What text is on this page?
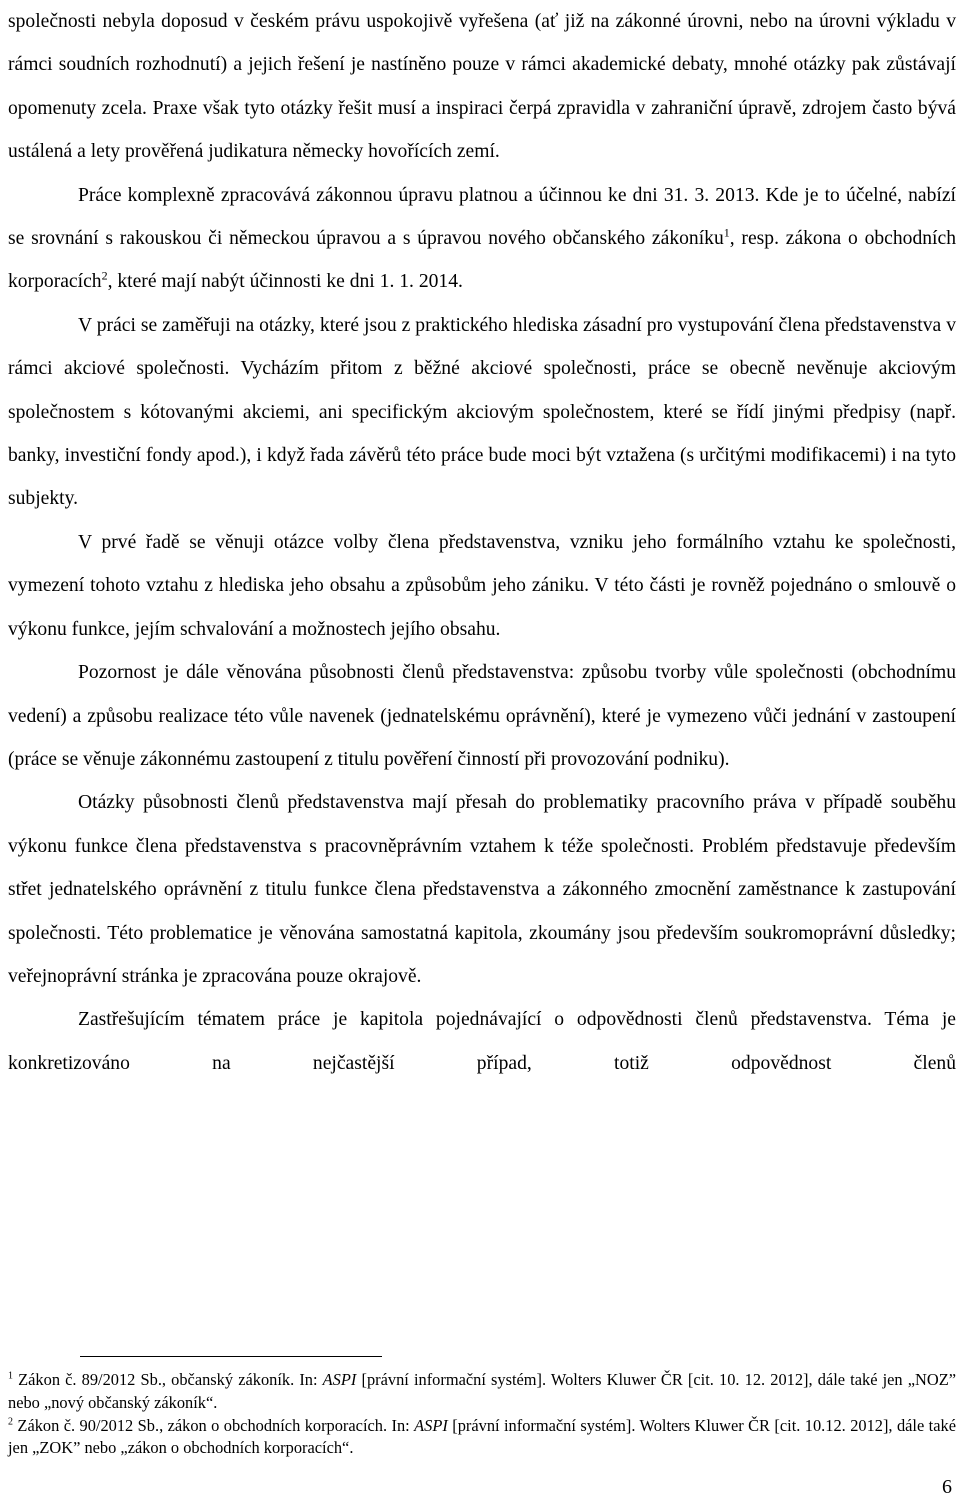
společnosti nebyla doposud v českém právu uspokojivě vyřešena (ať již na zákonné úrovni, nebo na úrovni výkladu v rámci soudních rozhodnutí) a jejich řešení je nastíněno pouze v rámci akademické debaty, mnohé otázky pak zůstávají opomenuty zcela. Praxe však tyto otázky řešit musí a inspiraci čerpá zpravidla v zahraniční úpravě, zdrojem často bývá ustálená a lety prověřená judikatura německy hovořících zemí.

Práce komplexně zpracovává zákonnou úpravu platnou a účinnou ke dni 31. 3. 2013. Kde je to účelné, nabízí se srovnání s rakouskou či německou úpravou a s úpravou nového občanského zákoníku$^1$, resp. zákona o obchodních korporacích$^2$, které mají nabýt účinnosti ke dni 1. 1. 2014.

V práci se zaměřuji na otázky, které jsou z praktického hlediska zásadní pro vystupování člena představenstva v rámci akciové společnosti. Vycházím přitom z běžné akciové společnosti, práce se obecně nevěnuje akciovým společnostem s kótovanými akciemi, ani specifickým akciovým společnostem, které se řídí jinými předpisy (např. banky, investiční fondy apod.), i když řada závěrů této práce bude moci být vztažena (s určitými modifikacemi) i na tyto subjekty.

V prvé řadě se věnuji otázce volby člena představenstva, vzniku jeho formálního vztahu ke společnosti, vymezení tohoto vztahu z hlediska jeho obsahu a způsobům jeho zániku. V této části je rovněž pojednáno o smlouvě o výkonu funkce, jejím schvalování a možnostech jejího obsahu.

Pozornost je dále věnována působnosti členů představenstva: způsobu tvorby vůle společnosti (obchodnímu vedení) a způsobu realizace této vůle navenek (jednatelskému oprávnění), které je vymezeno vůči jednání v zastoupení (práce se věnuje zákonnému zastoupení z titulu pověření činností při provozování podniku).

Otázky působnosti členů představenstva mají přesah do problematiky pracovního práva v případě souběhu výkonu funkce člena představenstva s pracovněprávním vztahem k téže společnosti. Problém představuje především střet jednatelského oprávnění z titulu funkce člena představenstva a zákonného zmocnění zaměstnance k zastupování společnosti. Této problematice je věnována samostatná kapitola, zkoumány jsou především soukromoprávní důsledky; veřejnoprávní stránka je zpracována pouze okrajově.

Zastřešujícím tématem práce je kapitola pojednávající o odpovědnosti členů představenstva. Téma je konkretizováno na nejčastější případ, totiž odpovědnost členů

$^1$ Zákon č. 89/2012 Sb., občanský zákoník. In: ASPI [právní informační systém]. Wolters Kluwer ČR [cit. 10. 12. 2012], dále také jen „NOZ” nebo „nový občanský zákoník“.

$^2$ Zákon č. 90/2012 Sb., zákon o obchodních korporacích. In: ASPI [právní informační systém]. Wolters Kluwer ČR [cit. 10.12. 2012], dále také jen „ZOK” nebo „zákon o obchodních korporacích“.

6
